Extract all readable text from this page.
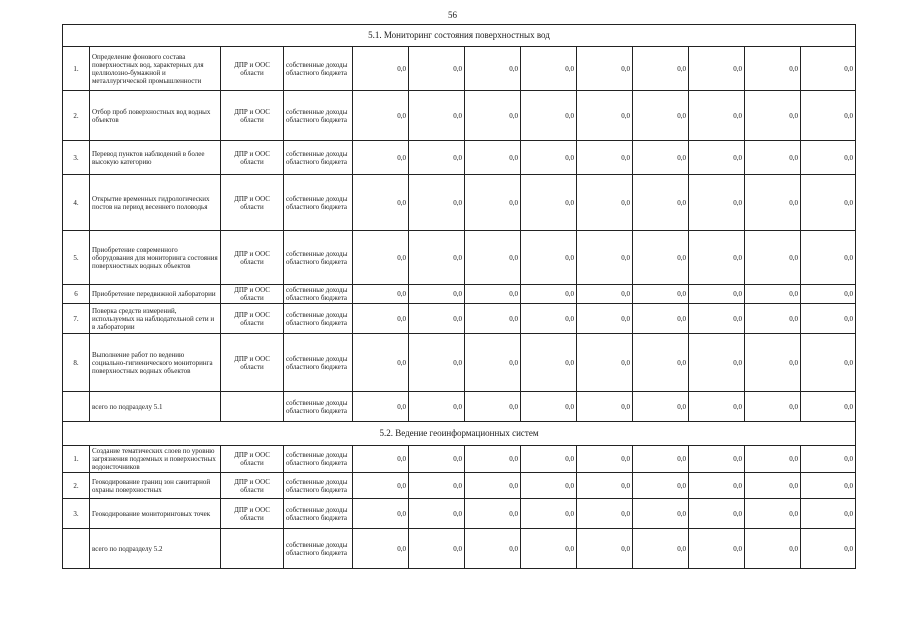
56
5.1. Мониторинг состояния поверхностных вод												
1.	Определение фонового состава поверхностных вод, характерных для целлюлозно-бумажной и металлургической промышленности	ДПР и ООС области	собственные доходы областного бюджета	0,0	0,0	0,0	0,0	0,0	0,0	0,0	0,0	0,0
2.	Отбор проб поверхностных вод водных объектов	ДПР и ООС области	собственные доходы областного бюджета	0,0	0,0	0,0	0,0	0,0	0,0	0,0	0,0	0,0
3.	Перевод пунктов наблюдений в более высокую категорию	ДПР и ООС области	собственные доходы областного бюджета	0,0	0,0	0,0	0,0	0,0	0,0	0,0	0,0	0,0
4.	Открытие временных гидрологических постов на период весеннего половодья	ДПР и ООС области	собственные доходы областного бюджета	0,0	0,0	0,0	0,0	0,0	0,0	0,0	0,0	0,0
5.	Приобретение современного оборудования для мониторинга состояния поверхностных водных объектов	ДПР и ООС области	собственные доходы областного бюджета	0,0	0,0	0,0	0,0	0,0	0,0	0,0	0,0	0,0
6	Приобретение передвижной лаборатории	ДПР и ООС области	собственные доходы областного бюджета	0,0	0,0	0,0	0,0	0,0	0,0	0,0	0,0	0,0
7.	Поверка средств измерений, используемых на наблюдательной сети и в лаборатории	ДПР и ООС области	собственные доходы областного бюджета	0,0	0,0	0,0	0,0	0,0	0,0	0,0	0,0	0,0
8.	Выполнение работ по ведению социально-гигиенического мониторинга поверхностных водных объектов	ДПР и ООС области	собственные доходы областного бюджета	0,0	0,0	0,0	0,0	0,0	0,0	0,0	0,0	0,0
	всего по подразделу 5.1		собственные доходы областного бюджета	0,0	0,0	0,0	0,0	0,0	0,0	0,0	0,0	0,0
5.2. Ведение геоинформационных систем												
1.	Создание тематических слоев по уровню загрязнения подземных и поверхностных водоисточников	ДПР и ООС области	собственные доходы областного бюджета	0,0	0,0	0,0	0,0	0,0	0,0	0,0	0,0	0,0
2.	Геокодирование границ зон санитарной охраны поверхностных	ДПР и ООС области	собственные доходы областного бюджета	0,0	0,0	0,0	0,0	0,0	0,0	0,0	0,0	0,0
3.	Геокодирование мониторинговых точек	ДПР и ООС области	собственные доходы областного бюджета	0,0	0,0	0,0	0,0	0,0	0,0	0,0	0,0	0,0
	всего по подразделу 5.2		собственные доходы областного бюджета	0,0	0,0	0,0	0,0	0,0	0,0	0,0	0,0	0,0
